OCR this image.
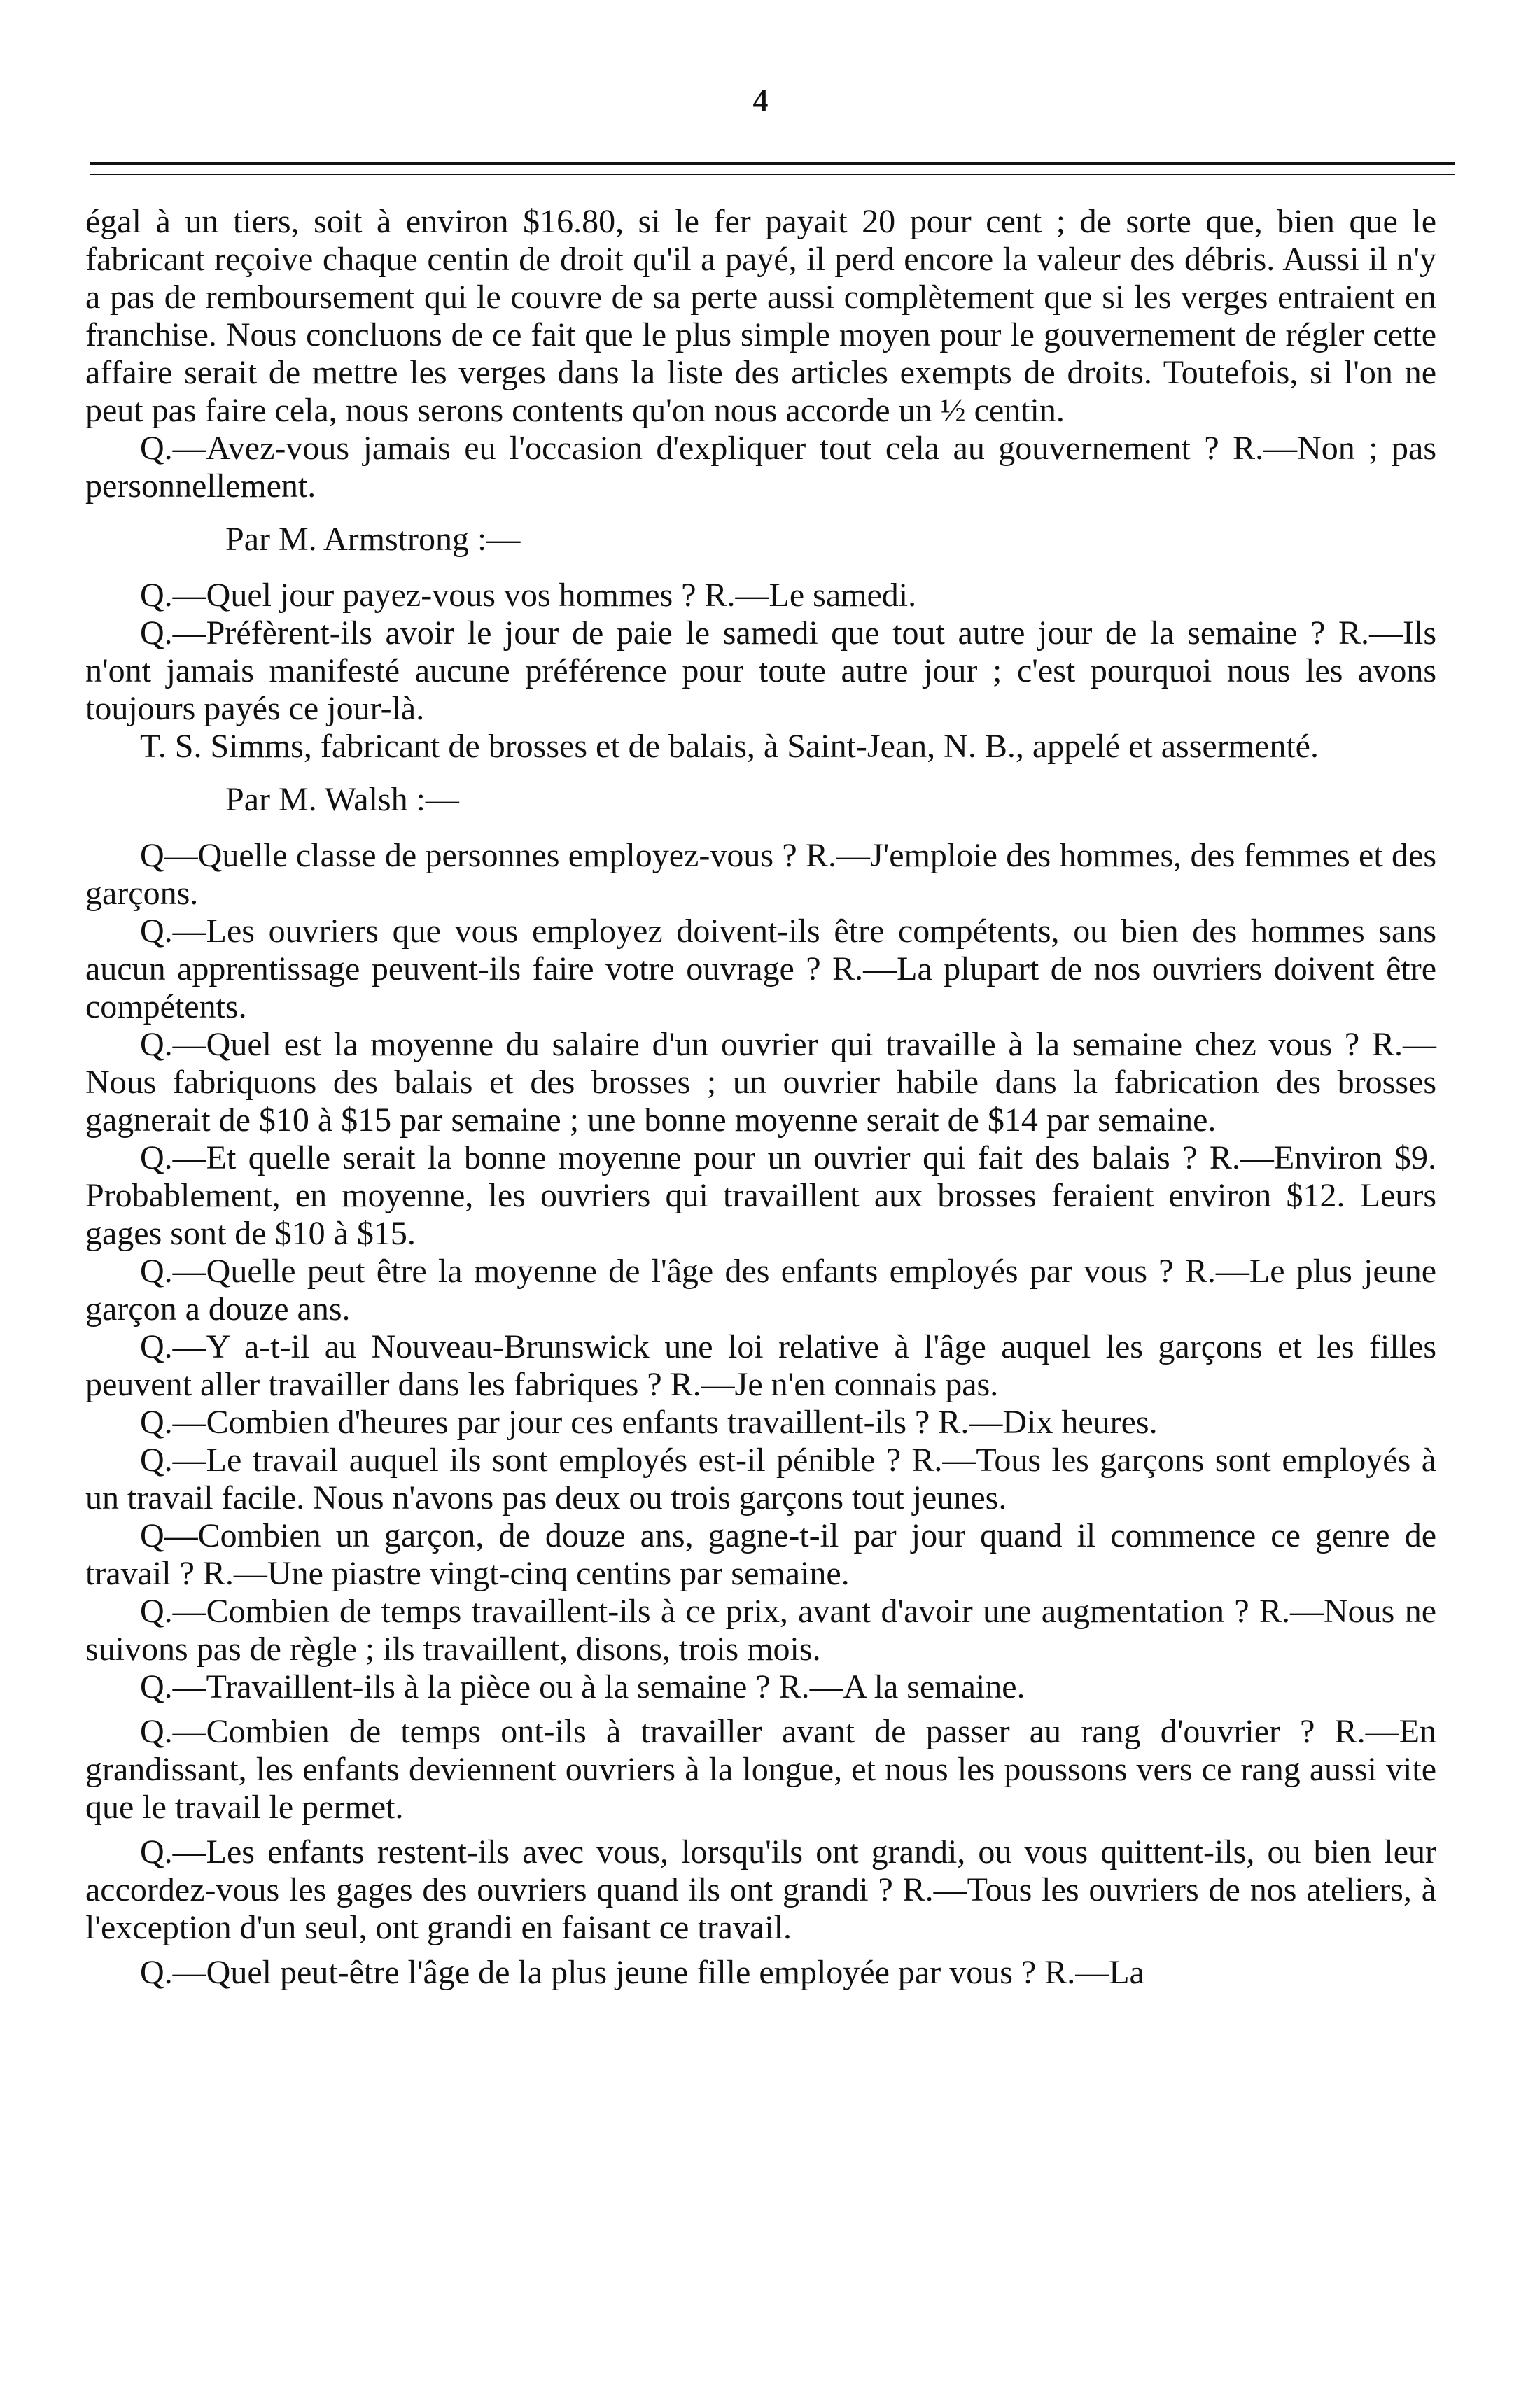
4

égal à un tiers, soit à environ $16.80, si le fer payait 20 pour cent ; de sorte que, bien que le fabricant reçoive chaque centin de droit qu'il a payé, il perd encore la valeur des débris. Aussi il n'y a pas de remboursement qui le couvre de sa perte aussi complètement que si les verges entraient en franchise. Nous concluons de ce fait que le plus simple moyen pour le gouvernement de régler cette affaire serait de mettre les verges dans la liste des articles exempts de droits. Toutefois, si l'on ne peut pas faire cela, nous serons contents qu'on nous accorde un ½ centin.

Q.—Avez-vous jamais eu l'occasion d'expliquer tout cela au gouvernement ? R.—Non ; pas personnellement.

Par M. Armstrong :—

Q.—Quel jour payez-vous vos hommes ? R.—Le samedi.

Q.—Préfèrent-ils avoir le jour de paie le samedi que tout autre jour de la semaine ? R.—Ils n'ont jamais manifesté aucune préférence pour toute autre jour ; c'est pourquoi nous les avons toujours payés ce jour-là.

T. S. Simms, fabricant de brosses et de balais, à Saint-Jean, N. B., appelé et assermenté.

Par M. Walsh :—

Q—Quelle classe de personnes employez-vous ? R.—J'emploie des hommes, des femmes et des garçons.

Q.—Les ouvriers que vous employez doivent-ils être compétents, ou bien des hommes sans aucun apprentissage peuvent-ils faire votre ouvrage ? R.—La plupart de nos ouvriers doivent être compétents.

Q.—Quel est la moyenne du salaire d'un ouvrier qui travaille à la semaine chez vous ? R.—Nous fabriquons des balais et des brosses ; un ouvrier habile dans la fabrication des brosses gagnerait de $10 à $15 par semaine ; une bonne moyenne serait de $14 par semaine.

Q.—Et quelle serait la bonne moyenne pour un ouvrier qui fait des balais ? R.—Environ $9. Probablement, en moyenne, les ouvriers qui travaillent aux brosses feraient environ $12. Leurs gages sont de $10 à $15.

Q.—Quelle peut être la moyenne de l'âge des enfants employés par vous ? R.—Le plus jeune garçon a douze ans.

Q.—Y a-t-il au Nouveau-Brunswick une loi relative à l'âge auquel les garçons et les filles peuvent aller travailler dans les fabriques ? R.—Je n'en connais pas.

Q.—Combien d'heures par jour ces enfants travaillent-ils ? R.—Dix heures.

Q.—Le travail auquel ils sont employés est-il pénible ? R.—Tous les garçons sont employés à un travail facile. Nous n'avons pas deux ou trois garçons tout jeunes.

Q—Combien un garçon, de douze ans, gagne-t-il par jour quand il commence ce genre de travail ? R.—Une piastre vingt-cinq centins par semaine.

Q.—Combien de temps travaillent-ils à ce prix, avant d'avoir une augmentation ? R.—Nous ne suivons pas de règle ; ils travaillent, disons, trois mois.

Q.—Travaillent-ils à la pièce ou à la semaine ? R.—A la semaine.

Q.—Combien de temps ont-ils à travailler avant de passer au rang d'ouvrier ? R.—En grandissant, les enfants deviennent ouvriers à la longue, et nous les poussons vers ce rang aussi vite que le travail le permet.

Q.—Les enfants restent-ils avec vous, lorsqu'ils ont grandi, ou vous quittent-ils, ou bien leur accordez-vous les gages des ouvriers quand ils ont grandi ? R.—Tous les ouvriers de nos ateliers, à l'exception d'un seul, ont grandi en faisant ce travail.

Q.—Quel peut-être l'âge de la plus jeune fille employée par vous ? R.—La
